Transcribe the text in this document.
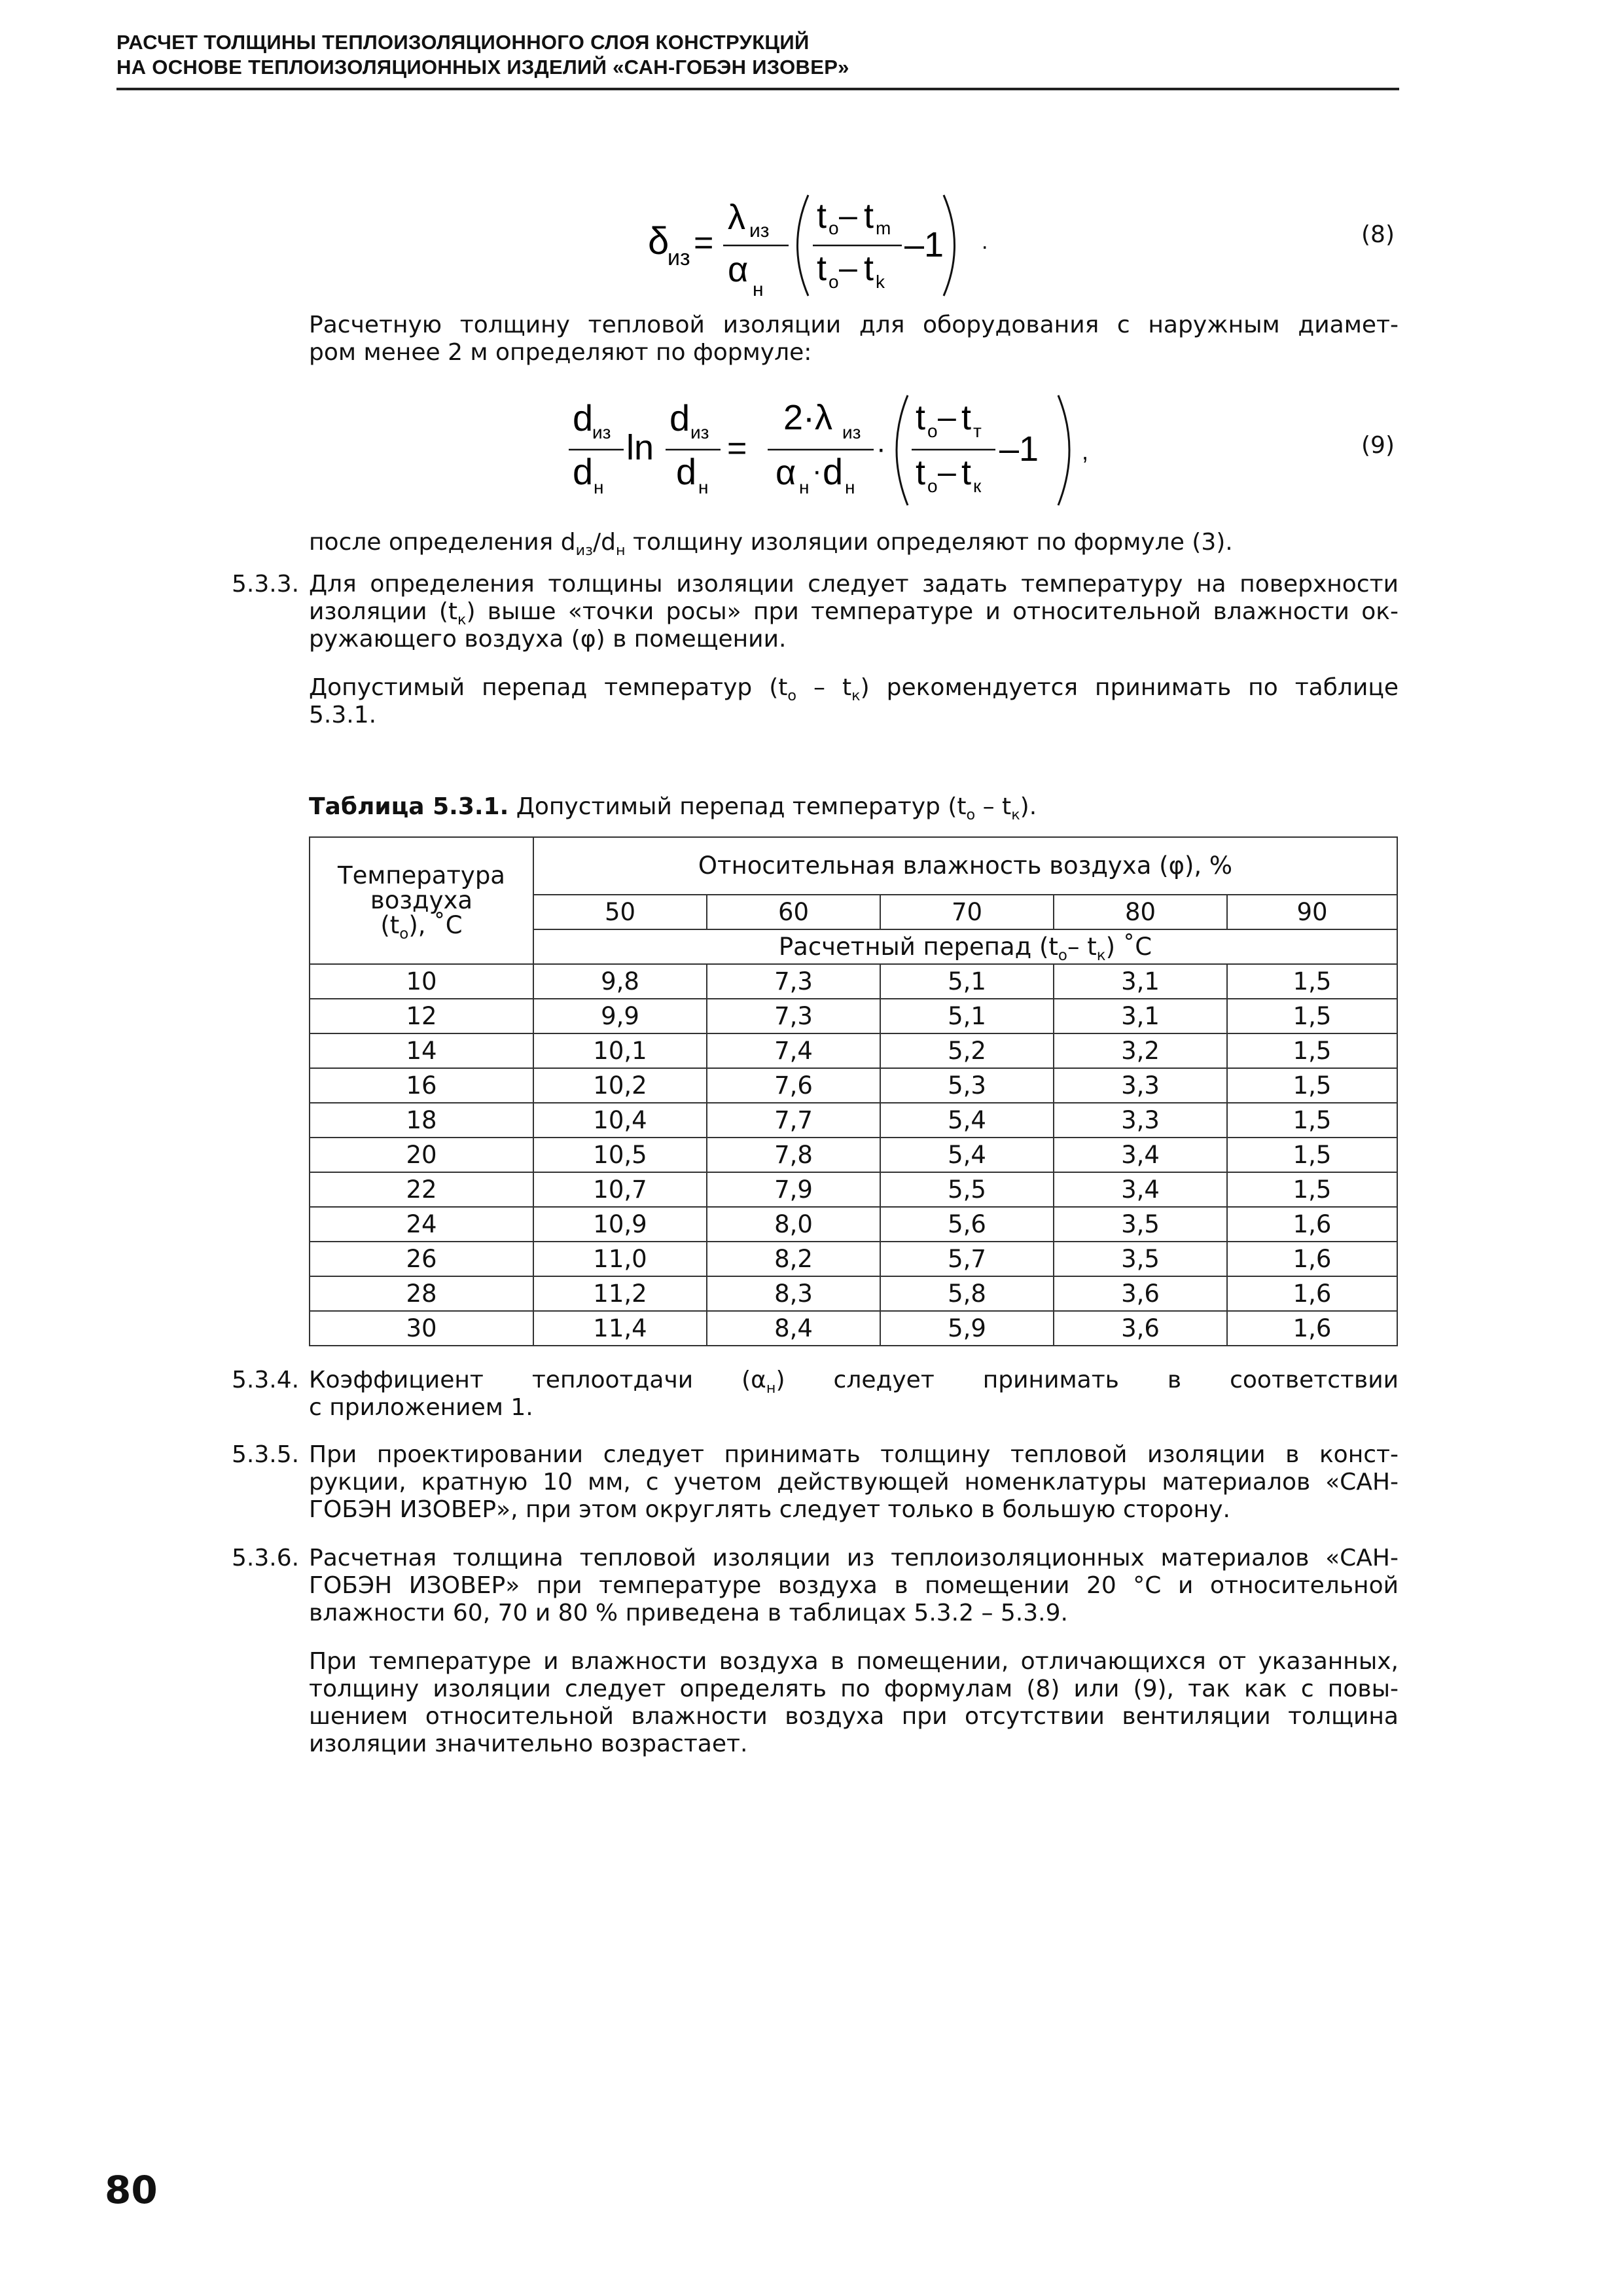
РАСЧЕТ ТОЛЩИНЫ ТЕПЛОИЗОЛЯЦИОННОГО СЛОЯ КОНСТРУКЦИЙ
НА ОСНОВЕ ТЕПЛОИЗОЛЯЦИОННЫХ ИЗДЕЛИЙ «САН-ГОБЭН ИЗОВЕР»
δ
из =
λ из
α
н
t o – t m
t o – t k
–1 .	(8)
Расчетную толщину тепловой изоляции для оборудования с наружным диамет-
ром менее 2 м определяют по формуле:
d
из
d н
ln
d из
d н
=
2·λ из
α н
· d н
·
t о – t т
t о – t к
–1 ,	(9)
после определения $d_{из}/d_н$ толщину изоляции определяют по формуле (3).
5.3.3. Для определения толщины изоляции следует задать температуру на поверхности
изоляции $(t_к)$ выше «точки росы» при температуре и относительной влажности ок-
ружающего воздуха (φ) в помещении.
Допустимый перепад температур $(t_о - t_к)$ рекомендуется принимать по таблице
5.3.1.
Таблица 5.3.1. Допустимый перепад температур $(t_о - t_к)$.
Температура
воздуха
$(t_о)$, ˚С	Относительная влажность воздуха (φ), %				
	50	60	70	80	90
	Расчетный перепад ($t_о-$ $t_к$) ˚С				
10	9,8	7,3	5,1	3,1	1,5
12	9,9	7,3	5,1	3,1	1,5
14	10,1	7,4	5,2	3,2	1,5
16	10,2	7,6	5,3	3,3	1,5
18	10,4	7,7	5,4	3,3	1,5
20	10,5	7,8	5,4	3,4	1,5
22	10,7	7,9	5,5	3,4	1,5
24	10,9	8,0	5,6	3,5	1,6
26	11,0	8,2	5,7	3,5	1,6
28	11,2	8,3	5,8	3,6	1,6
30	11,4	8,4	5,9	3,6	1,6
5.3.4. Коэффициент теплоотдачи $(\alpha_н)$ следует принимать в соответствии
с приложением 1.
5.3.5. При проектировании следует принимать толщину тепловой изоляции в конст-
рукции, кратную 10 мм, с учетом действующей номенклатуры материалов «САН-
ГОБЭН ИЗОВЕР», при этом округлять следует только в большую сторону.
5.3.6. Расчетная толщина тепловой изоляции из теплоизоляционных материалов «САН-
ГОБЭН ИЗОВЕР» при температуре воздуха в помещении 20 °С и относительной
влажности 60, 70 и 80 % приведена в таблицах 5.3.2 – 5.3.9.
При температуре и влажности воздуха в помещении, отличающихся от указанных,
толщину изоляции следует определять по формулам (8) или (9), так как с повы-
шением относительной влажности воздуха при отсутствии вентиляции толщина
изоляции значительно возрастает.
80
